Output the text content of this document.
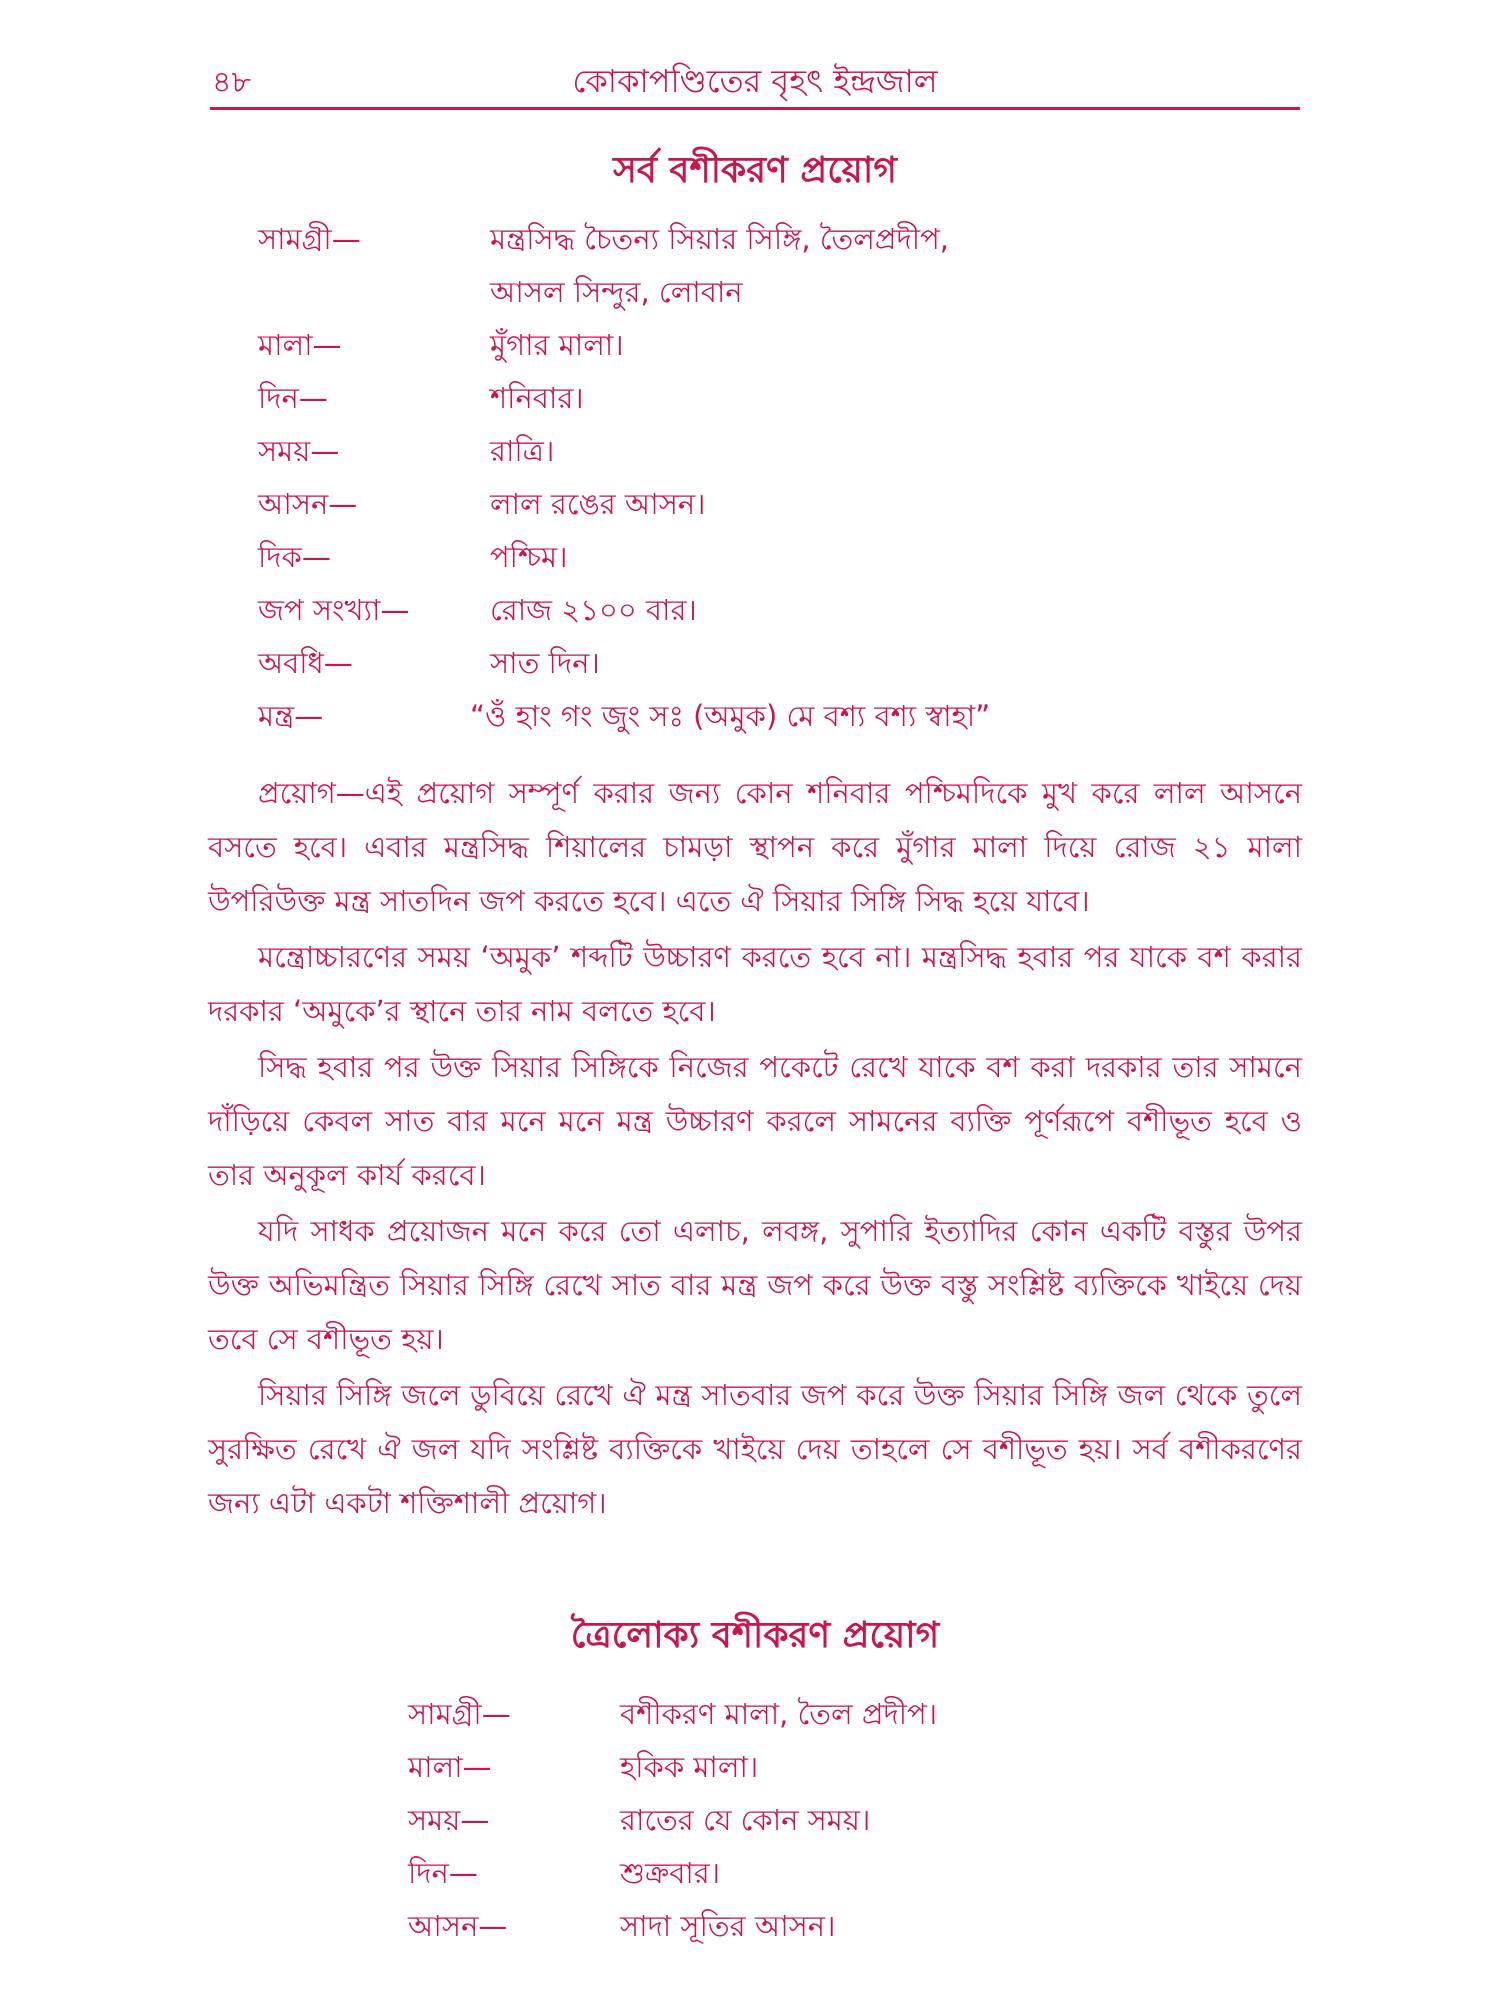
৪৮	কোকাপণ্ডিতের বৃহৎ ইন্দ্রজাল
সর্ব বশীকরণ প্রয়োগ
সামগ্রী—	মন্ত্রসিদ্ধ চৈতন্য সিয়ার সিঙ্গি, তৈলপ্রদীপ, আসল সিন্দুর, লোবান
মালা—	মুঁগার মালা।
দিন—	শনিবার।
সময়—	রাত্রি।
আসন—	লাল রঙের আসন।
দিক—	পশ্চিম।
জপ সংখ্যা—	রোজ ২১০০ বার।
অবধি—	সাত দিন।
মন্ত্র—	“ওঁ হাং গং জুং সঃ (অমুক) মে বশ্য বশ্য স্বাহা”

প্রয়োগ—এই প্রয়োগ সম্পূর্ণ করার জন্য কোন শনিবার পশ্চিমদিকে মুখ করে লাল আসনে বসতে হবে। এবার মন্ত্রসিদ্ধ শিয়ালের চামড়া স্থাপন করে মুঁগার মালা দিয়ে রোজ ২১ মালা উপরিউক্ত মন্ত্র সাতদিন জপ করতে হবে। এতে ঐ সিয়ার সিঙ্গি সিদ্ধ হয়ে যাবে।

মন্ত্রোচ্চারণের সময় ‘অমুক’ শব্দটি উচ্চারণ করতে হবে না। মন্ত্রসিদ্ধ হবার পর যাকে বশ করার দরকার ‘অমুকে’র স্থানে তার নাম বলতে হবে।

সিদ্ধ হবার পর উক্ত সিয়ার সিঙ্গিকে নিজের পকেটে রেখে যাকে বশ করা দরকার তার সামনে দাঁড়িয়ে কেবল সাত বার মনে মনে মন্ত্র উচ্চারণ করলে সামনের ব্যক্তি পূর্ণরূপে বশীভূত হবে ও তার অনুকূল কার্য করবে।

যদি সাধক প্রয়োজন মনে করে তো এলাচ, লবঙ্গ, সুপারি ইত্যাদির কোন একটি বস্তুর উপর উক্ত অভিমন্ত্রিত সিয়ার সিঙ্গি রেখে সাত বার মন্ত্র জপ করে উক্ত বস্তু সংশ্লিষ্ট ব্যক্তিকে খাইয়ে দেয় তবে সে বশীভূত হয়।

সিয়ার সিঙ্গি জলে ডুবিয়ে রেখে ঐ মন্ত্র সাতবার জপ করে উক্ত সিয়ার সিঙ্গি জল থেকে তুলে সুরক্ষিত রেখে ঐ জল যদি সংশ্লিষ্ট ব্যক্তিকে খাইয়ে দেয় তাহলে সে বশীভূত হয়। সর্ব বশীকরণের জন্য এটা একটা শক্তিশালী প্রয়োগ।

ত্রৈলোক্য বশীকরণ প্রয়োগ
সামগ্রী—	বশীকরণ মালা, তৈল প্রদীপ।
মালা—	হকিক মালা।
সময়—	রাতের যে কোন সময়।
দিন—	শুক্রবার।
আসন—	সাদা সূতির আসন।
